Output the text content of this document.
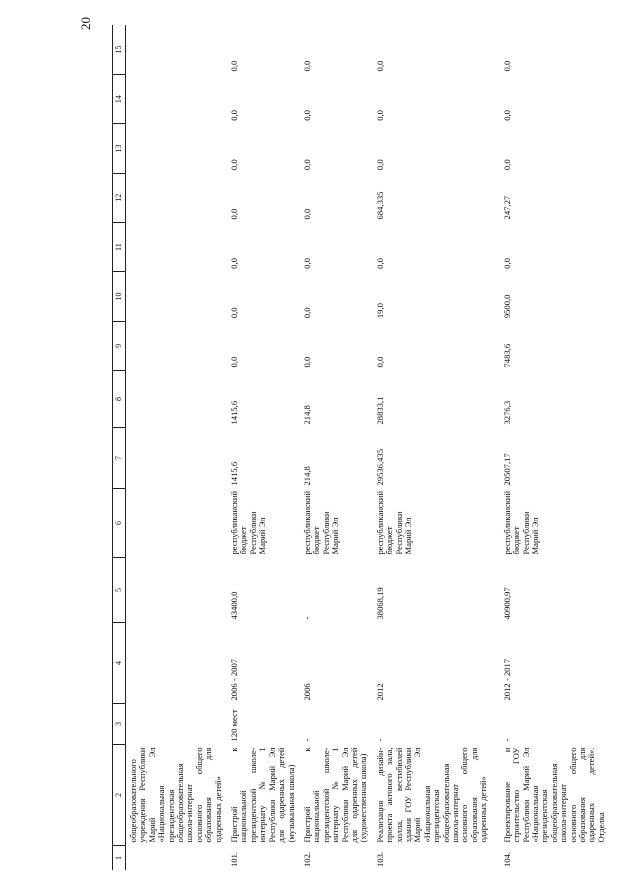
20
1	2	3	4	5	6	7	8	9	10	11	12	13	14	15
	общеобразовательного учреждения Республики Марий Эл «Национальная президентская общеобразовательная школа-интернат основного общего образования для одаренных детей»													
101.	Пристрой к национальной президентской школе-интернату № 1 Республики Марий Эл для одаренных детей (музыкальная школа)	120 мест	2006 - 2007	43400,0	республиканский бюджет Республики Марий Эл	1415,6	1415,6	0,0	0,0	0,0	0,0	0,0	0,0	0,0
102.	Пристрой к национальной президентской школе-интернату № 1 Республики Марий Эл для одаренных детей (художественная школа)	-	2006	-	республиканский бюджет Республики Марий Эл	214,8	214,8	0,0	0,0	0,0	0,0	0,0	0,0	0,0
103.	Реализация дизайн-проекта актового зала, холла, вестибюлей здания ГОУ Республики Марий Эл «Национальная президентская общеобразовательная школа-интернат основного общего образования для одаренных детей»	-	2012	38068,19	республиканский бюджет Республики Марий Эл	29536,435	28833,1	0,0	19,0	0,0	684,335	0,0	0,0	0,0
104.	Проектирование и строительство ГОУ Республики Марий Эл «Национальная президентская общеобразовательная школа-интернат основного общего образования для одаренных детей». Отделка	-	2012 - 2017	40900,97	республиканский бюджет Республики Марий Эл	20507,17	3276,3	7483,6	9500,0	0,0	247,27	0,0	0,0	0,0
